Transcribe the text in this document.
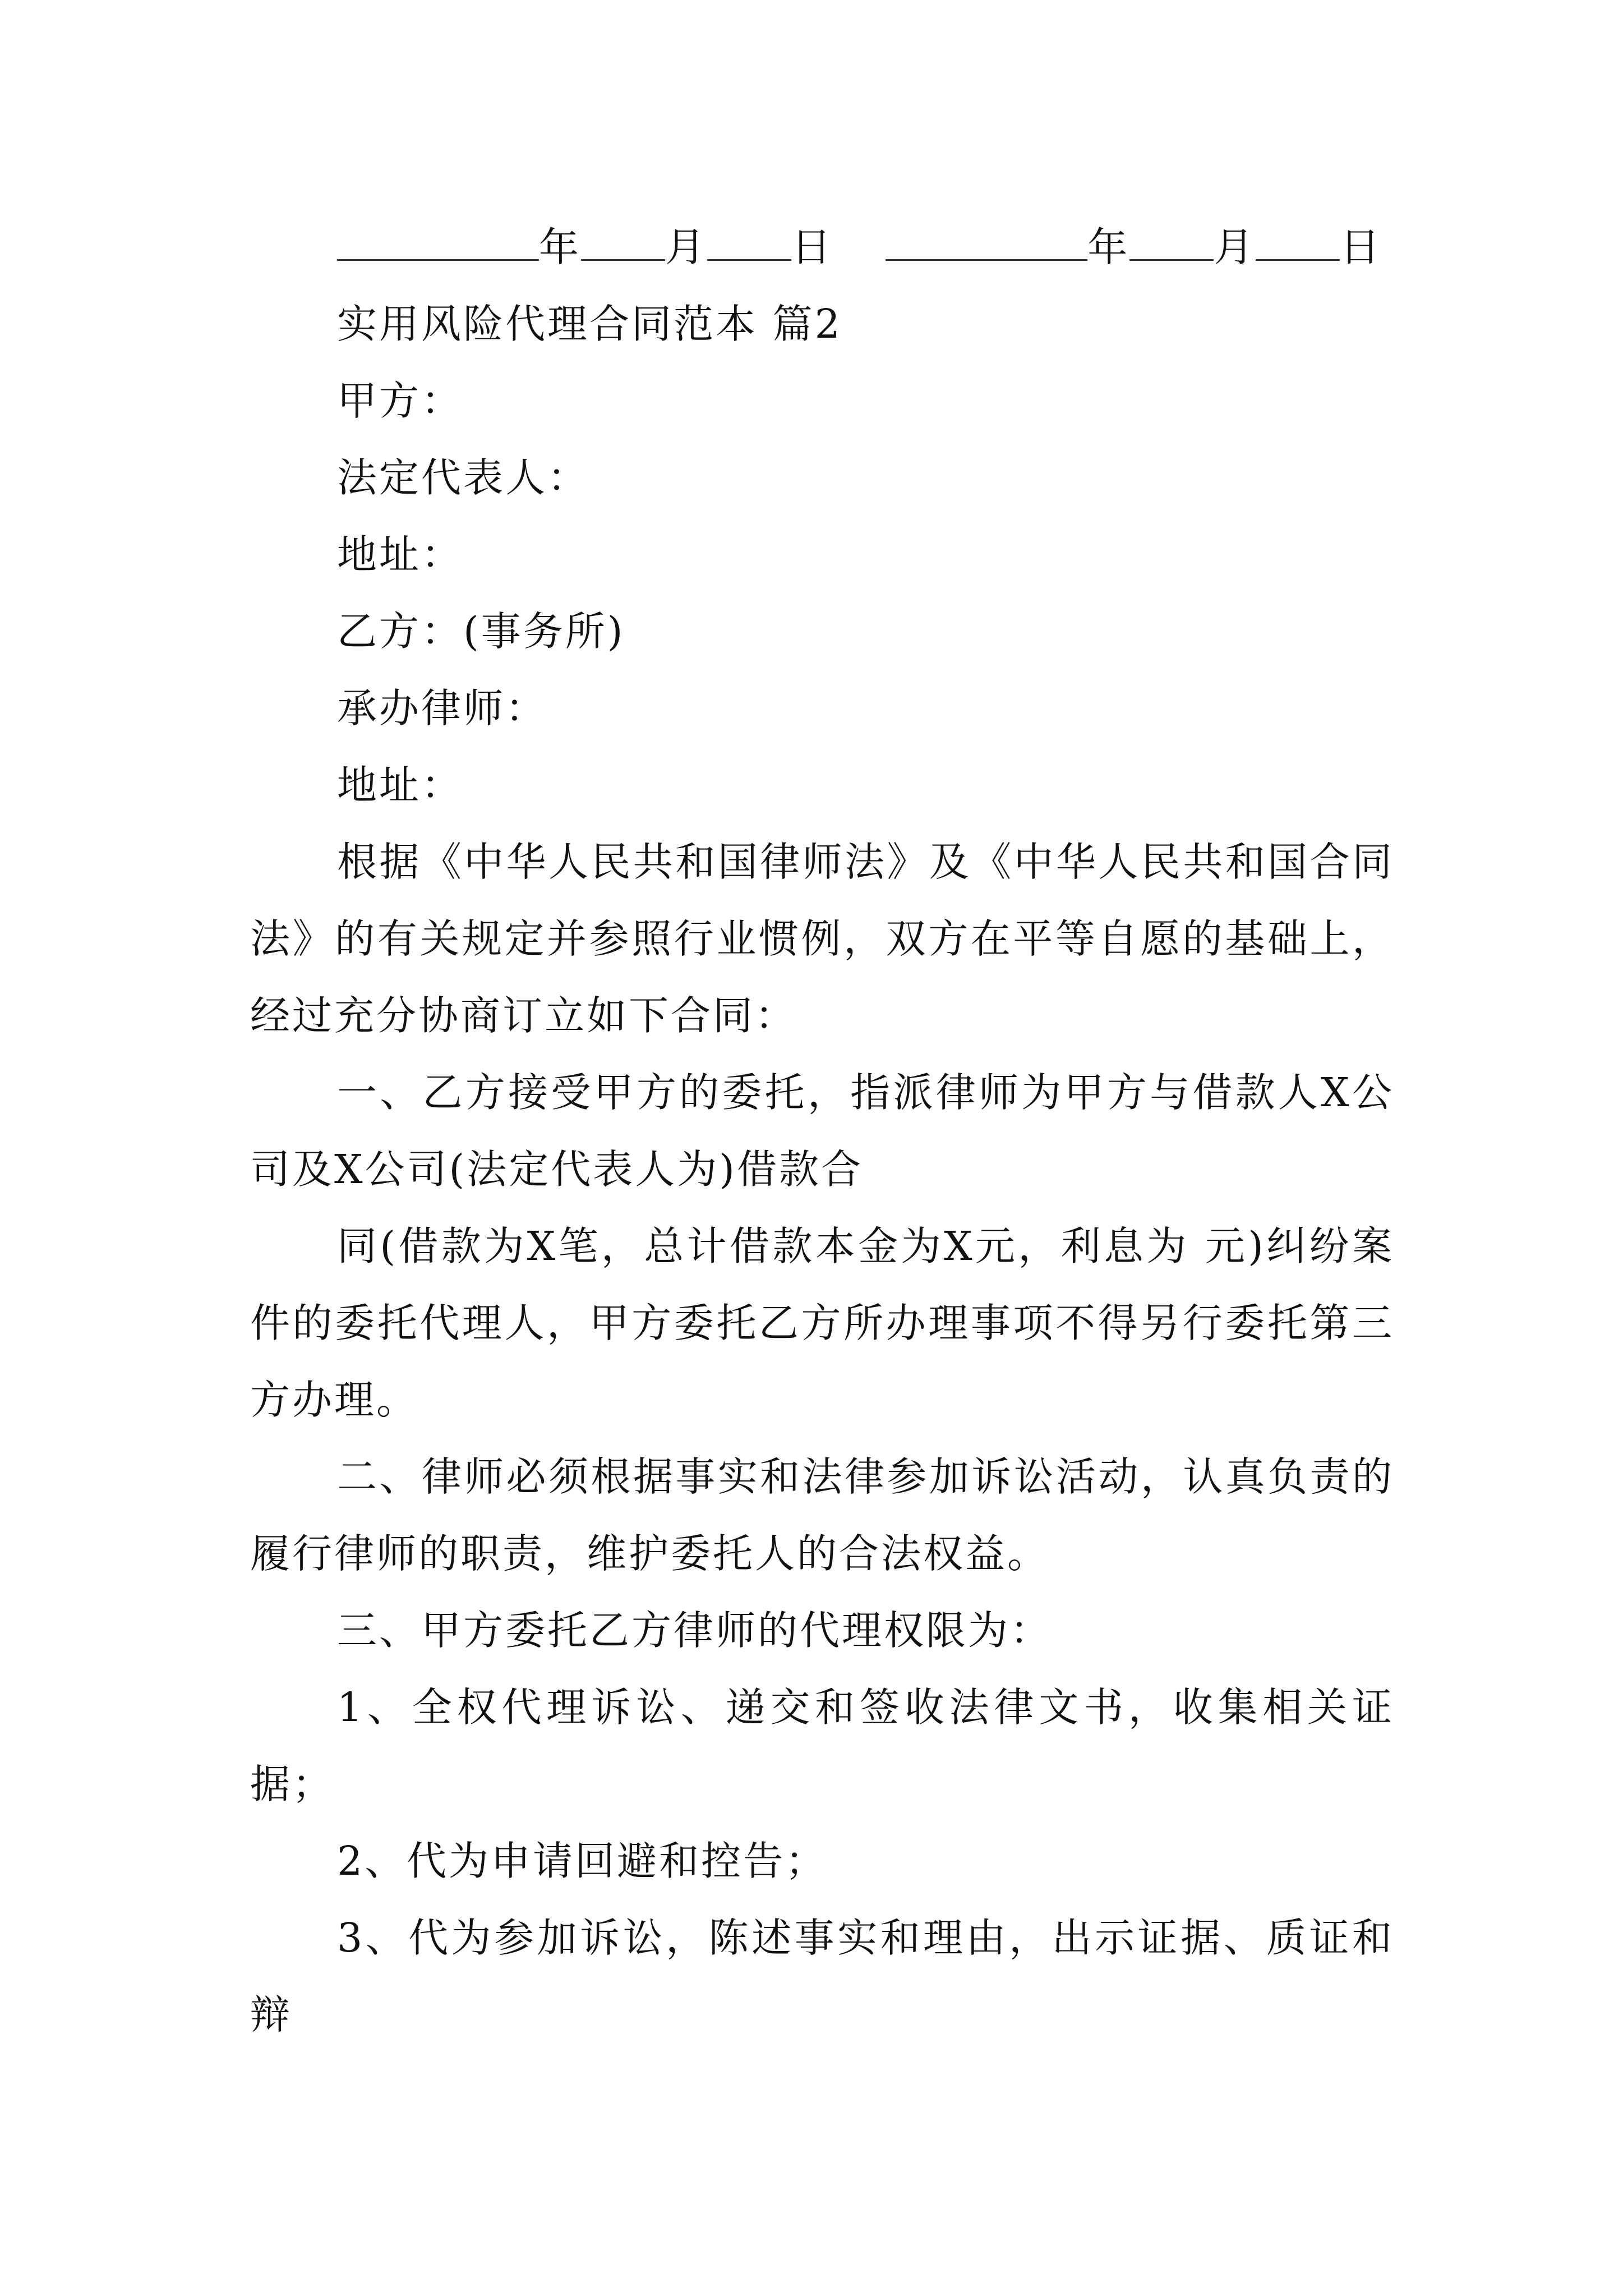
年 月 日	年 月 日
实用风险代理合同范本 篇2
甲方：
法定代表人：
地址：
乙方：(事务所)
承办律师：
地址：
根据《中华人民共和国律师法》及《中华人民共和国合同法》的有关规定并参照行业惯例，双方在平等自愿的基础上，经过充分协商订立如下合同：
一、乙方接受甲方的委托，指派律师为甲方与借款人X公司及X公司(法定代表人为)借款合
同(借款为X笔，总计借款本金为X元，利息为 元)纠纷案件的委托代理人，甲方委托乙方所办理事项不得另行委托第三方办理。
二、律师必须根据事实和法律参加诉讼活动，认真负责的履行律师的职责，维护委托人的合法权益。
三、甲方委托乙方律师的代理权限为：
1、全权代理诉讼、递交和签收法律文书，收集相关证据；
2、代为申请回避和控告；
3、代为参加诉讼，陈述事实和理由，出示证据、质证和辩
